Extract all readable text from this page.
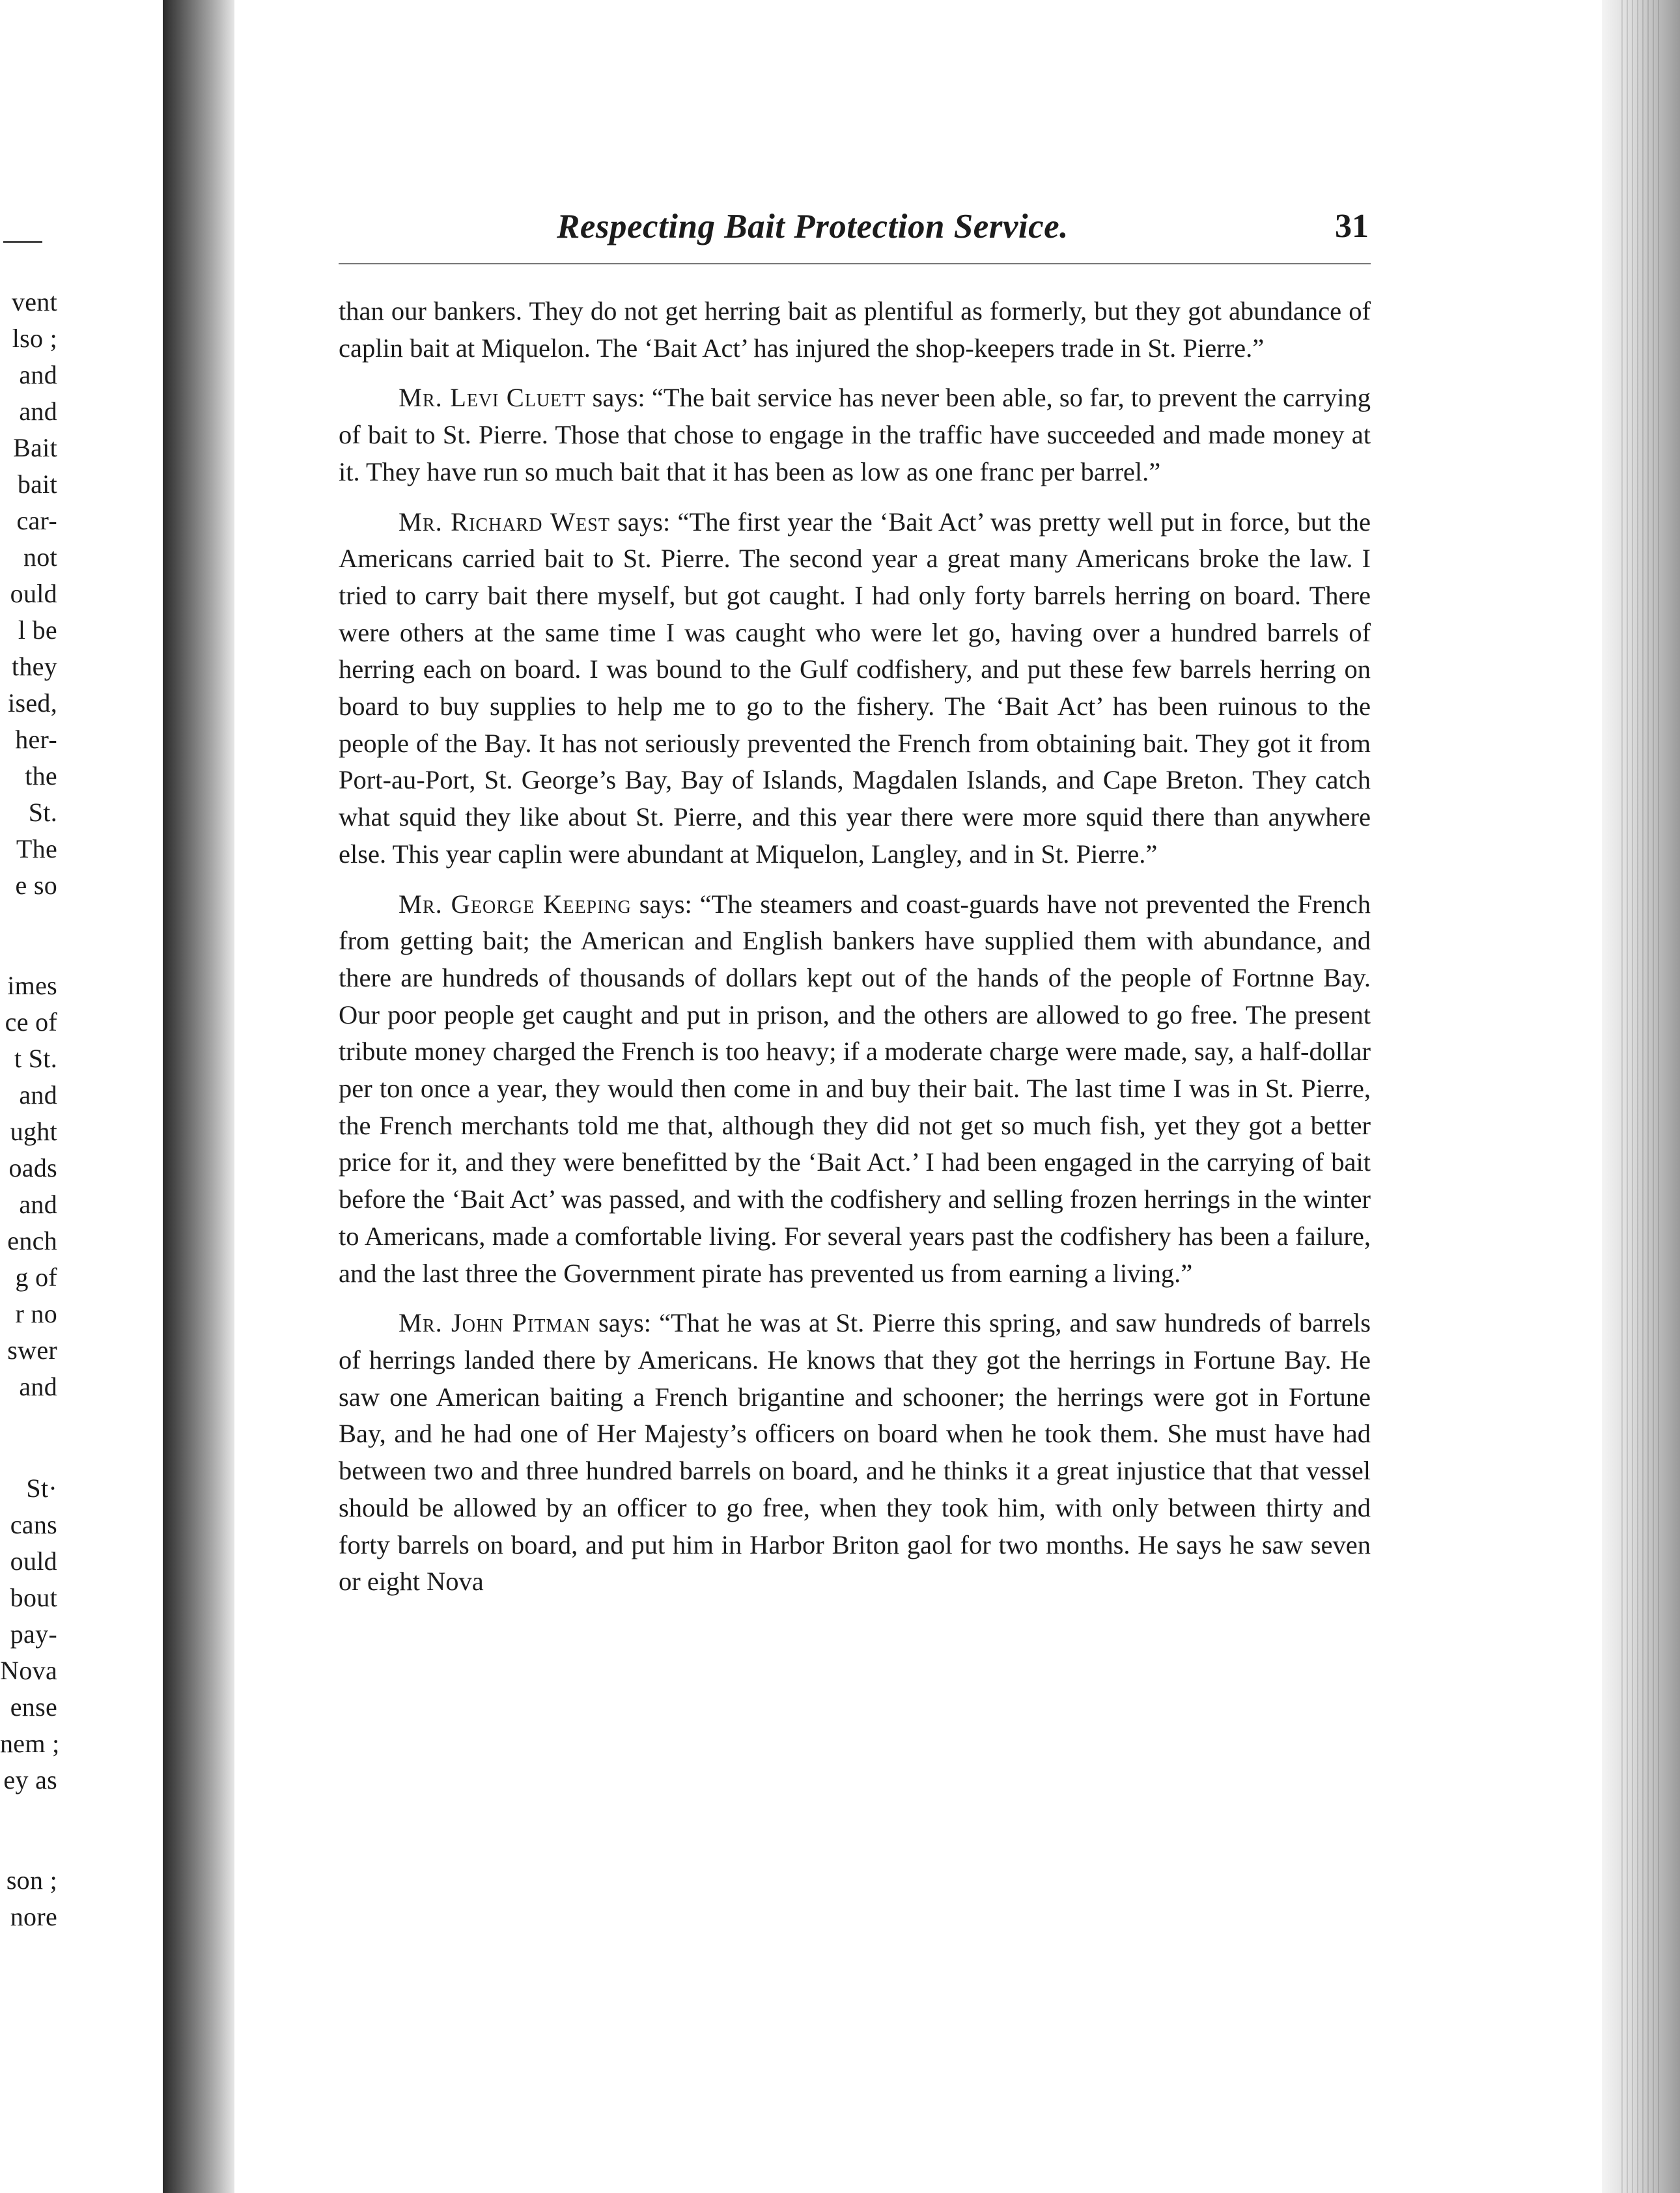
vent
lso ;
and
and
Bait
bait
car-
not
ould
l be
they
ised,
her-
the
St.
The
e so
imes
ce of
t St.
and
ught
oads
and
ench
g of
r no
swer
and
St·
cans
ould
bout
pay-
Nova
ense
nem ;
ey as
son ;
nore
Respecting Bait Protection Service.	31

than our bankers. They do not get herring bait as plentiful as formerly, but they got abundance of caplin bait at Miquelon. The ‘Bait Act’ has injured the shop-keepers trade in St. Pierre.”

Mr. Levi Cluett says: “The bait service has never been able, so far, to prevent the carrying of bait to St. Pierre. Those that chose to engage in the traffic have succeeded and made money at it. They have run so much bait that it has been as low as one franc per barrel.”

Mr. Richard West says: “The first year the ‘Bait Act’ was pretty well put in force, but the Americans carried bait to St. Pierre. The second year a great many Americans broke the law. I tried to carry bait there myself, but got caught. I had only forty barrels herring on board. There were others at the same time I was caught who were let go, having over a hundred barrels of herring each on board. I was bound to the Gulf codfishery, and put these few barrels herring on board to buy supplies to help me to go to the fishery. The ‘Bait Act’ has been ruinous to the people of the Bay. It has not seriously prevented the French from obtaining bait. They got it from Port-au-Port, St. George’s Bay, Bay of Islands, Magdalen Islands, and Cape Breton. They catch what squid they like about St. Pierre, and this year there were more squid there than anywhere else. This year caplin were abundant at Miquelon, Langley, and in St. Pierre.”

Mr. George Keeping says: “The steamers and coast-guards have not prevented the French from getting bait; the American and English bankers have supplied them with abundance, and there are hundreds of thousands of dollars kept out of the hands of the people of Fortnne Bay. Our poor people get caught and put in prison, and the others are allowed to go free. The present tribute money charged the French is too heavy; if a moderate charge were made, say, a half-dollar per ton once a year, they would then come in and buy their bait. The last time I was in St. Pierre, the French merchants told me that, although they did not get so much fish, yet they got a better price for it, and they were benefitted by the ‘Bait Act.’ I had been engaged in the carrying of bait before the ‘Bait Act’ was passed, and with the codfishery and selling frozen herrings in the winter to Americans, made a comfortable living. For several years past the codfishery has been a failure, and the last three the Government pirate has prevented us from earning a living.”

Mr. John Pitman says: “That he was at St. Pierre this spring, and saw hundreds of barrels of herrings landed there by Americans. He knows that they got the herrings in Fortune Bay. He saw one American baiting a French brigantine and schooner; the herrings were got in Fortune Bay, and he had one of Her Majesty’s officers on board when he took them. She must have had between two and three hundred barrels on board, and he thinks it a great injustice that that vessel should be allowed by an officer to go free, when they took him, with only between thirty and forty barrels on board, and put him in Harbor Briton gaol for two months. He says he saw seven or eight Nova
